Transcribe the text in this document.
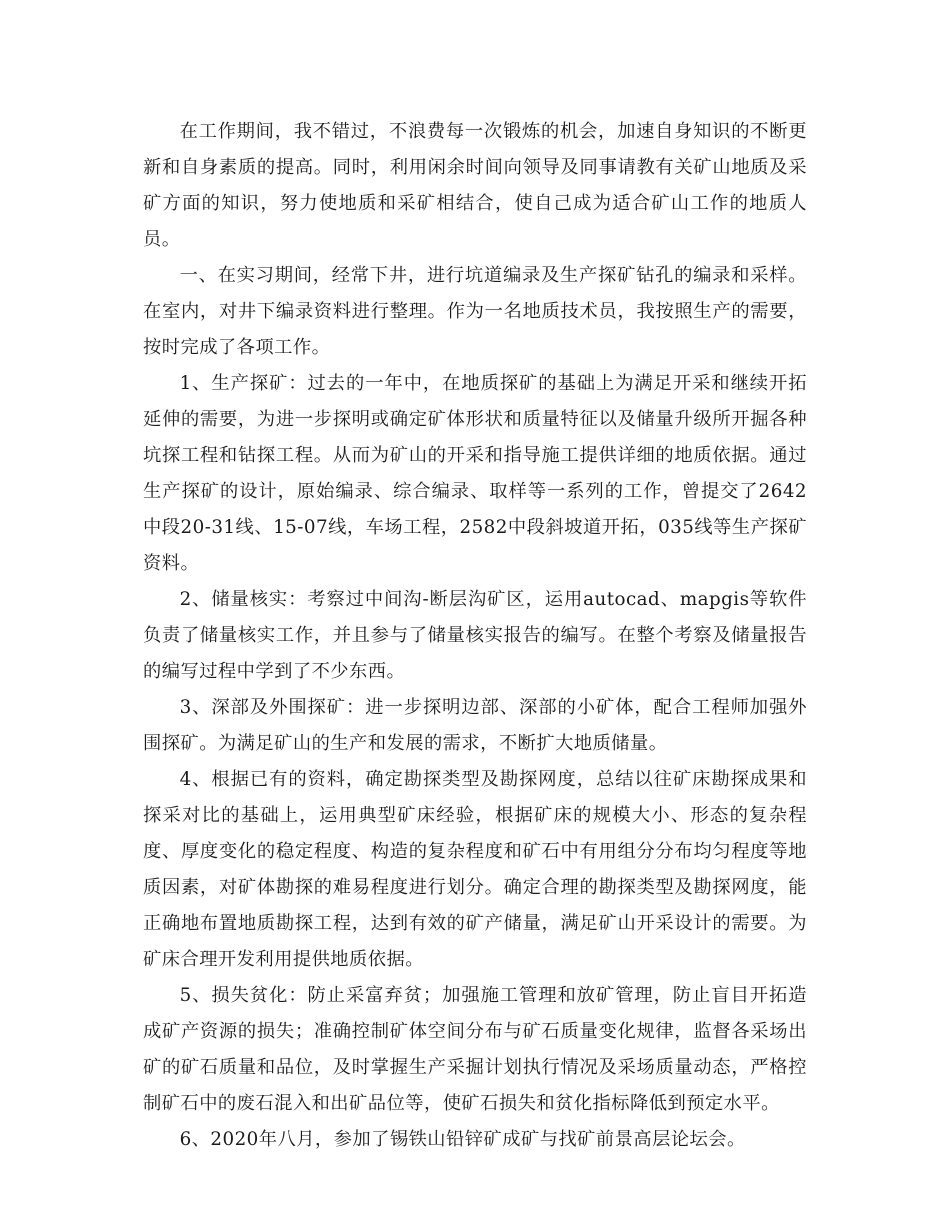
在工作期间，我不错过，不浪费每一次锻炼的机会，加速自身知识的不断更新和自身素质的提高。同时，利用闲余时间向领导及同事请教有关矿山地质及采矿方面的知识，努力使地质和采矿相结合，使自己成为适合矿山工作的地质人员。

一、在实习期间，经常下井，进行坑道编录及生产探矿钻孔的编录和采样。在室内，对井下编录资料进行整理。作为一名地质技术员，我按照生产的需要，按时完成了各项工作。

1、生产探矿：过去的一年中，在地质探矿的基础上为满足开采和继续开拓延伸的需要，为进一步探明或确定矿体形状和质量特征以及储量升级所开掘各种坑探工程和钻探工程。从而为矿山的开采和指导施工提供详细的地质依据。通过生产探矿的设计，原始编录、综合编录、取样等一系列的工作，曾提交了2642中段20-31线、15-07线，车场工程，2582中段斜坡道开拓，035线等生产探矿资料。

2、储量核实：考察过中间沟-断层沟矿区，运用autocad、mapgis等软件负责了储量核实工作，并且参与了储量核实报告的编写。在整个考察及储量报告的编写过程中学到了不少东西。

3、深部及外围探矿：进一步探明边部、深部的小矿体，配合工程师加强外围探矿。为满足矿山的生产和发展的需求，不断扩大地质储量。

4、根据已有的资料，确定勘探类型及勘探网度，总结以往矿床勘探成果和探采对比的基础上，运用典型矿床经验，根据矿床的规模大小、形态的复杂程度、厚度变化的稳定程度、构造的复杂程度和矿石中有用组分分布均匀程度等地质因素，对矿体勘探的难易程度进行划分。确定合理的勘探类型及勘探网度，能正确地布置地质勘探工程，达到有效的矿产储量，满足矿山开采设计的需要。为矿床合理开发利用提供地质依据。

5、损失贫化：防止采富弃贫；加强施工管理和放矿管理，防止盲目开拓造成矿产资源的损失；准确控制矿体空间分布与矿石质量变化规律，监督各采场出矿的矿石质量和品位，及时掌握生产采掘计划执行情况及采场质量动态，严格控制矿石中的废石混入和出矿品位等，使矿石损失和贫化指标降低到预定水平。

6、2020年八月，参加了锡铁山铅锌矿成矿与找矿前景高层论坛会。
